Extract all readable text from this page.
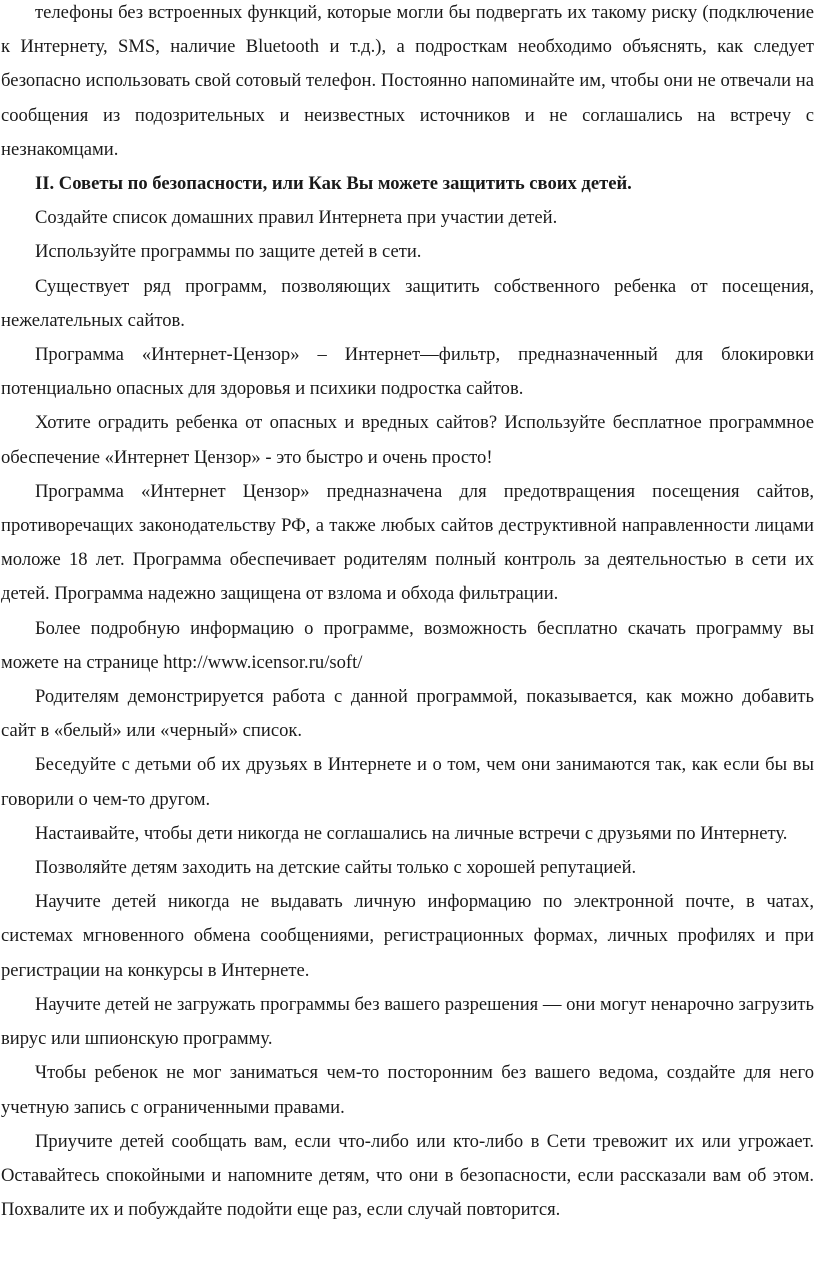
телефоны без встроенных функций, которые могли бы подвергать их такому риску (подключение к Интернету, SMS, наличие Bluetooth и т.д.), а подросткам необходимо объяснять, как следует безопасно использовать свой сотовый телефон. Постоянно напоминайте им, чтобы они не отвечали на сообщения из подозрительных и неизвестных источников и не соглашались на встречу с незнакомцами.

II. Советы по безопасности, или Как Вы можете защитить своих детей.

Создайте список домашних правил Интернета при участии детей.

Используйте программы по защите детей в сети.

Существует ряд программ, позволяющих защитить собственного ребенка от посещения, нежелательных сайтов.

Программа «Интернет-Цензор» – Интернет—фильтр, предназначенный для блокировки потенциально опасных для здоровья и психики подростка сайтов.

Хотите оградить ребенка от опасных и вредных сайтов? Используйте бесплатное программное обеспечение «Интернет Цензор» - это быстро и очень просто!

Программа «Интернет Цензор» предназначена для предотвращения посещения сайтов, противоречащих законодательству РФ, а также любых сайтов деструктивной направленности лицами моложе 18 лет. Программа обеспечивает родителям полный контроль за деятельностью в сети их детей. Программа надежно защищена от взлома и обхода фильтрации.

Более подробную информацию о программе, возможность бесплатно скачать программу вы можете на странице http://www.icensor.ru/soft/

Родителям демонстрируется работа с данной программой, показывается, как можно добавить сайт в «белый» или «черный» список.

Беседуйте с детьми об их друзьях в Интернете и о том, чем они занимаются так, как если бы вы говорили о чем-то другом.

Настаивайте, чтобы дети никогда не соглашались на личные встречи с друзьями по Интернету.

Позволяйте детям заходить на детские сайты только с хорошей репутацией.

Научите детей никогда не выдавать личную информацию по электронной почте, в чатах, системах мгновенного обмена сообщениями, регистрационных формах, личных профилях и при регистрации на конкурсы в Интернете.

Научите детей не загружать программы без вашего разрешения — они могут ненарочно загрузить вирус или шпионскую программу.

Чтобы ребенок не мог заниматься чем-то посторонним без вашего ведома, создайте для него учетную запись с ограниченными правами.

Приучите детей сообщать вам, если что-либо или кто-либо в Сети тревожит их или угрожает. Оставайтесь спокойными и напомните детям, что они в безопасности, если рассказали вам об этом. Похвалите их и побуждайте подойти еще раз, если случай повторится.
